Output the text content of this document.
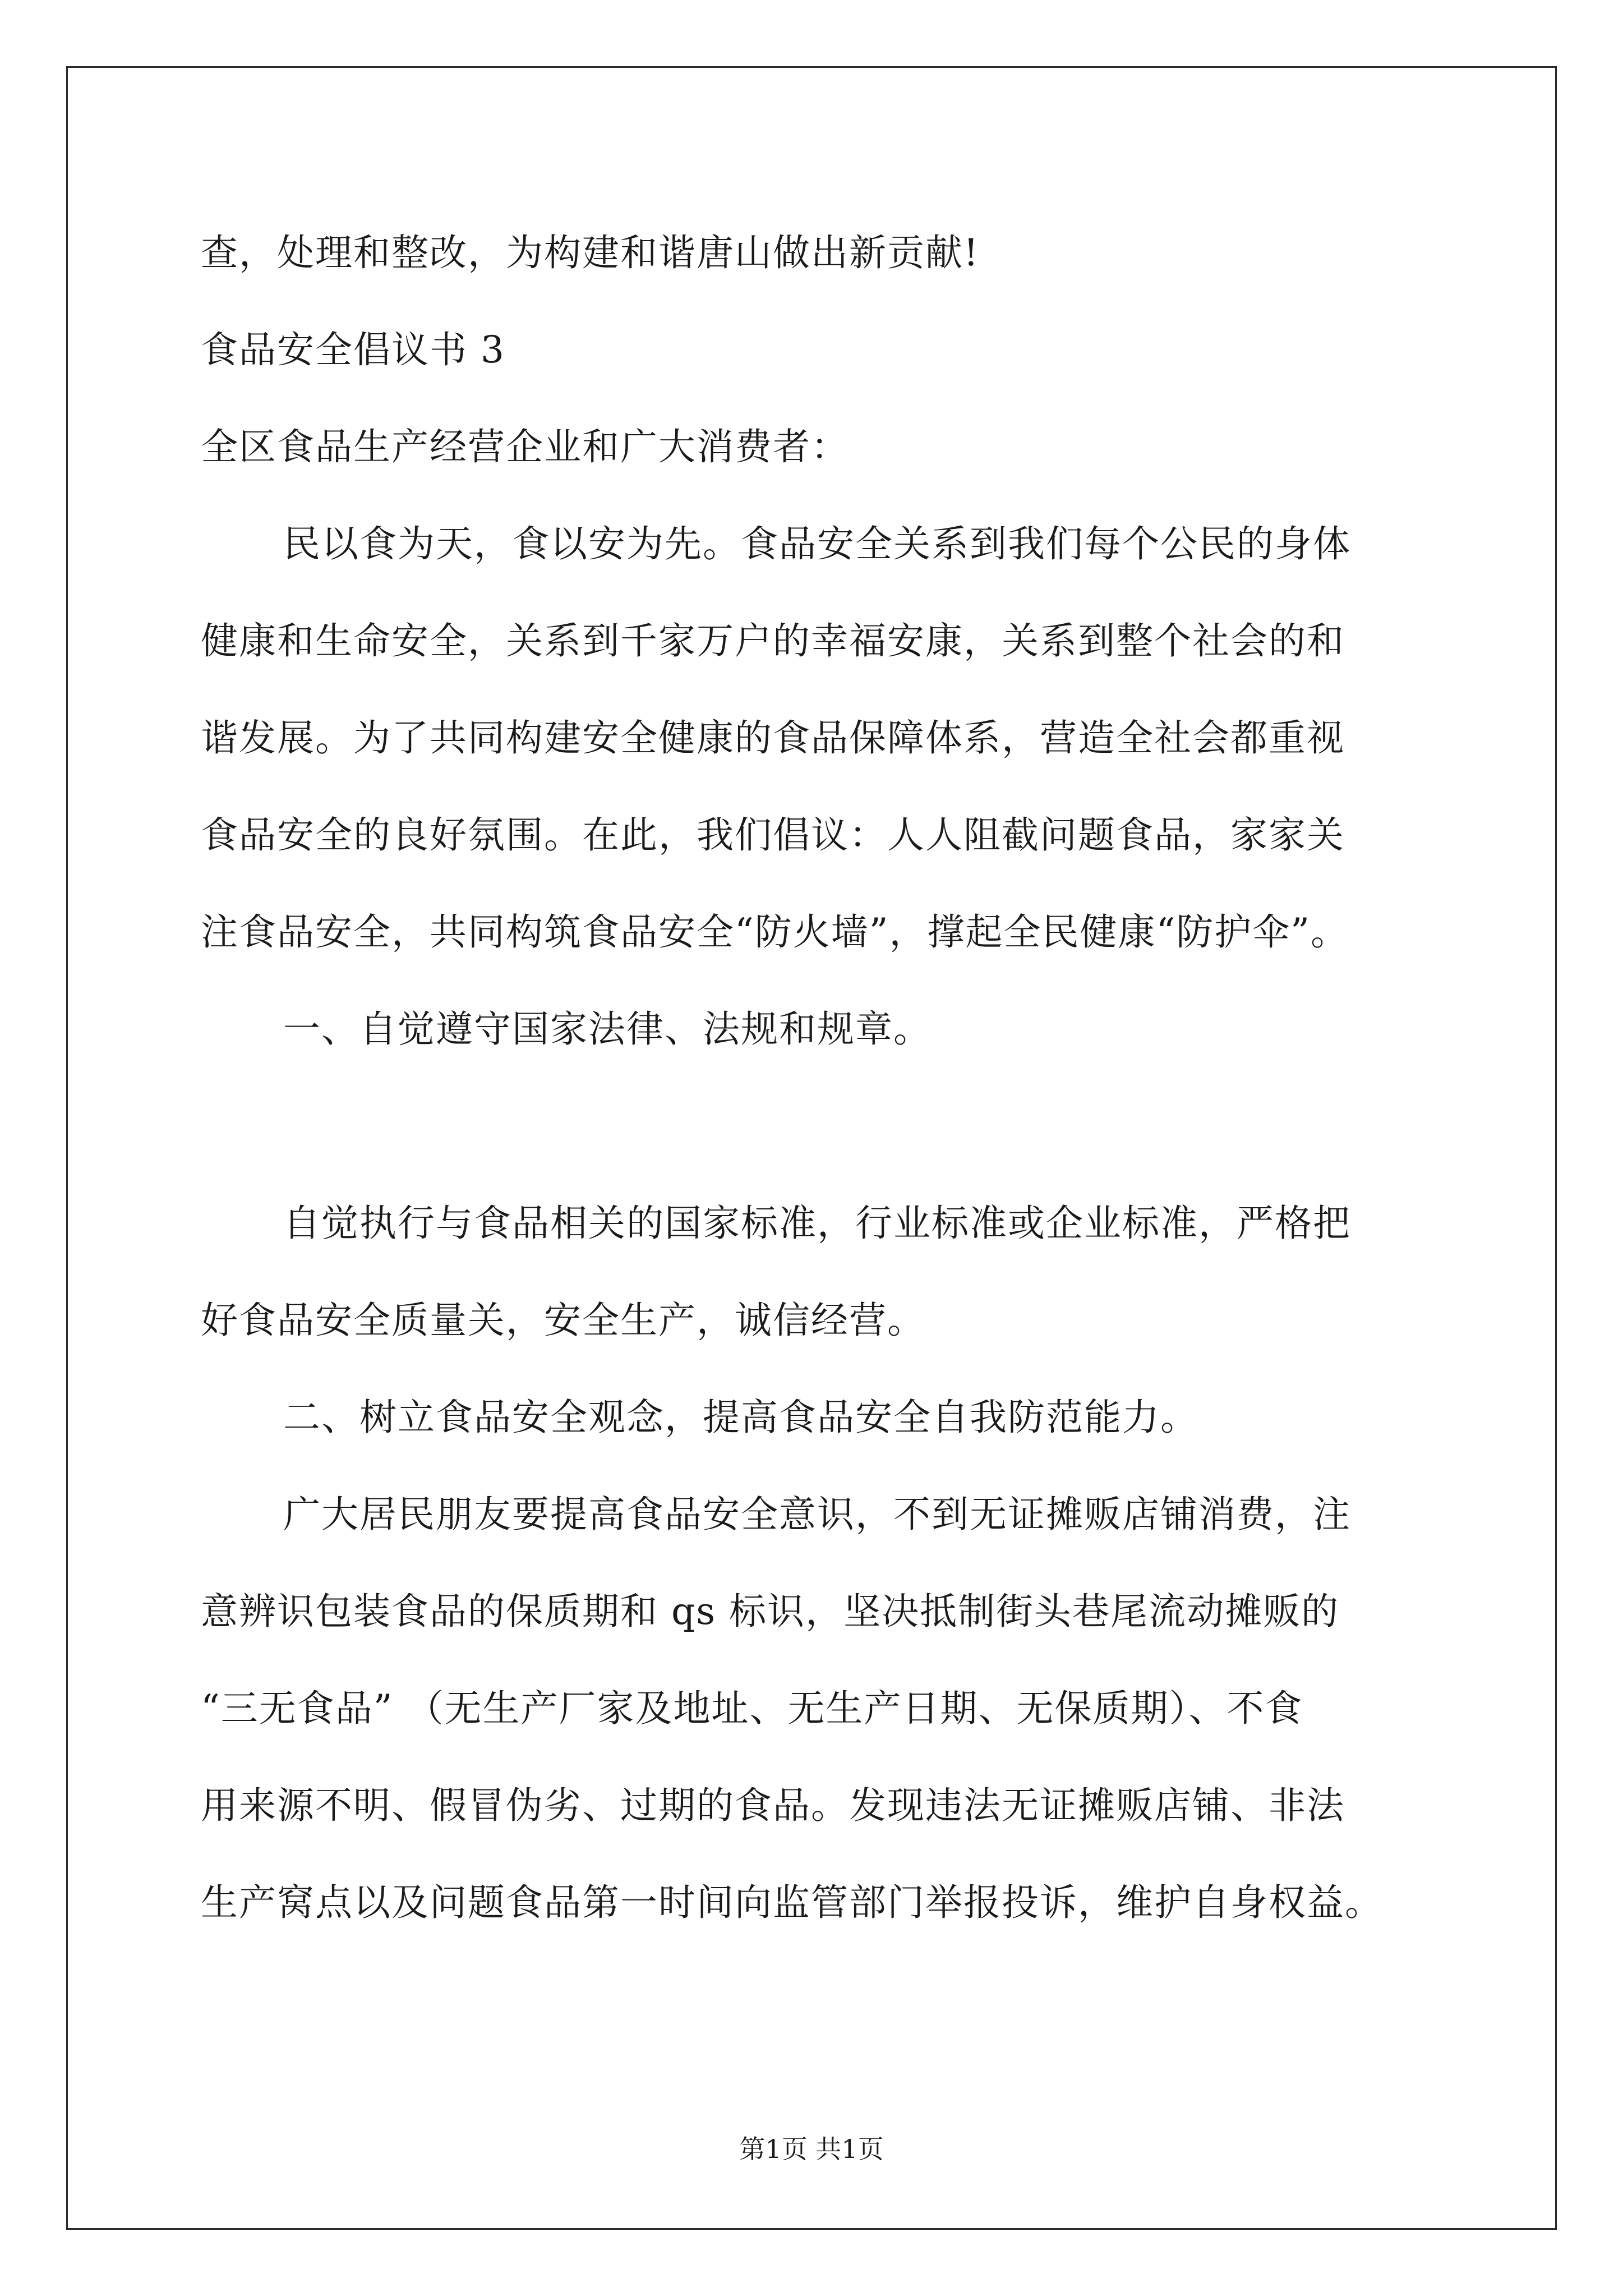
查，处理和整改，为构建和谐唐山做出新贡献!
食品安全倡议书 3
全区食品生产经营企业和广大消费者：
民以食为天，食以安为先。食品安全关系到我们每个公民的身体
健康和生命安全，关系到千家万户的幸福安康，关系到整个社会的和
谐发展。为了共同构建安全健康的食品保障体系，营造全社会都重视
食品安全的良好氛围。在此，我们倡议：人人阻截问题食品，家家关
注食品安全，共同构筑食品安全“防火墙”，撑起全民健康“防护伞”。
一、自觉遵守国家法律、法规和规章。
自觉执行与食品相关的国家标准，行业标准或企业标准，严格把
好食品安全质量关，安全生产，诚信经营。
二、树立食品安全观念，提高食品安全自我防范能力。
广大居民朋友要提高食品安全意识，不到无证摊贩店铺消费，注
意辨识包装食品的保质期和 qs 标识，坚决抵制街头巷尾流动摊贩的
“三无食品” （无生产厂家及地址、无生产日期、无保质期）、不食
用来源不明、假冒伪劣、过期的食品。发现违法无证摊贩店铺、非法
生产窝点以及问题食品第一时间向监管部门举报投诉，维护自身权益。
第1页 共1页
